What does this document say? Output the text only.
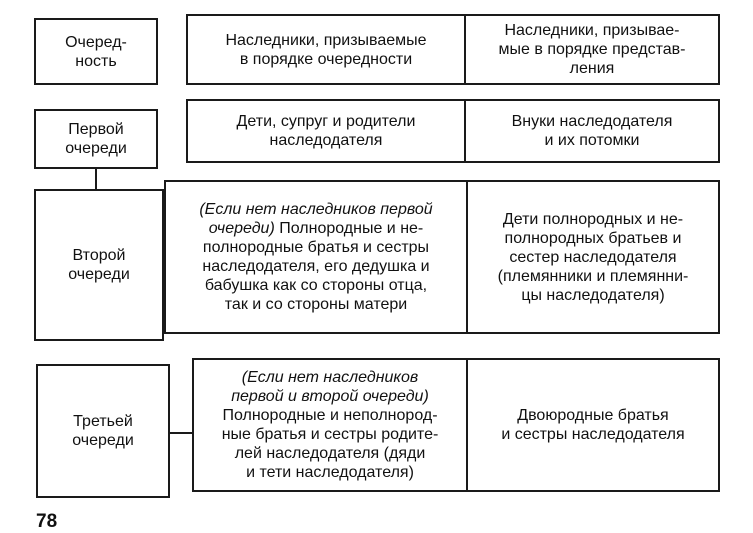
Очеред-
ность
Наследники, призываемые
в порядке очередности
Наследники, призывае-
мые в порядке представ-
ления
Первой
очереди
Дети, супруг и родители
наследодателя
Внуки наследодателя
и их потомки
Второй
очереди
(Если нет наследников первой
очереди) Полнородные и не-
полнородные братья и сестры
наследодателя, его дедушка и
бабушка как со стороны отца,
так и со стороны матери
Дети полнородных и не-
полнородных братьев и
сестер наследодателя
(племянники и племянни-
цы наследодателя)
Третьей
очереди
(Если нет наследников
первой и второй очереди)
Полнородные и неполнород-
ные братья и сестры родите-
лей наследодателя (дяди
и тети наследодателя)
Двоюродные братья
и сестры наследодателя
78
